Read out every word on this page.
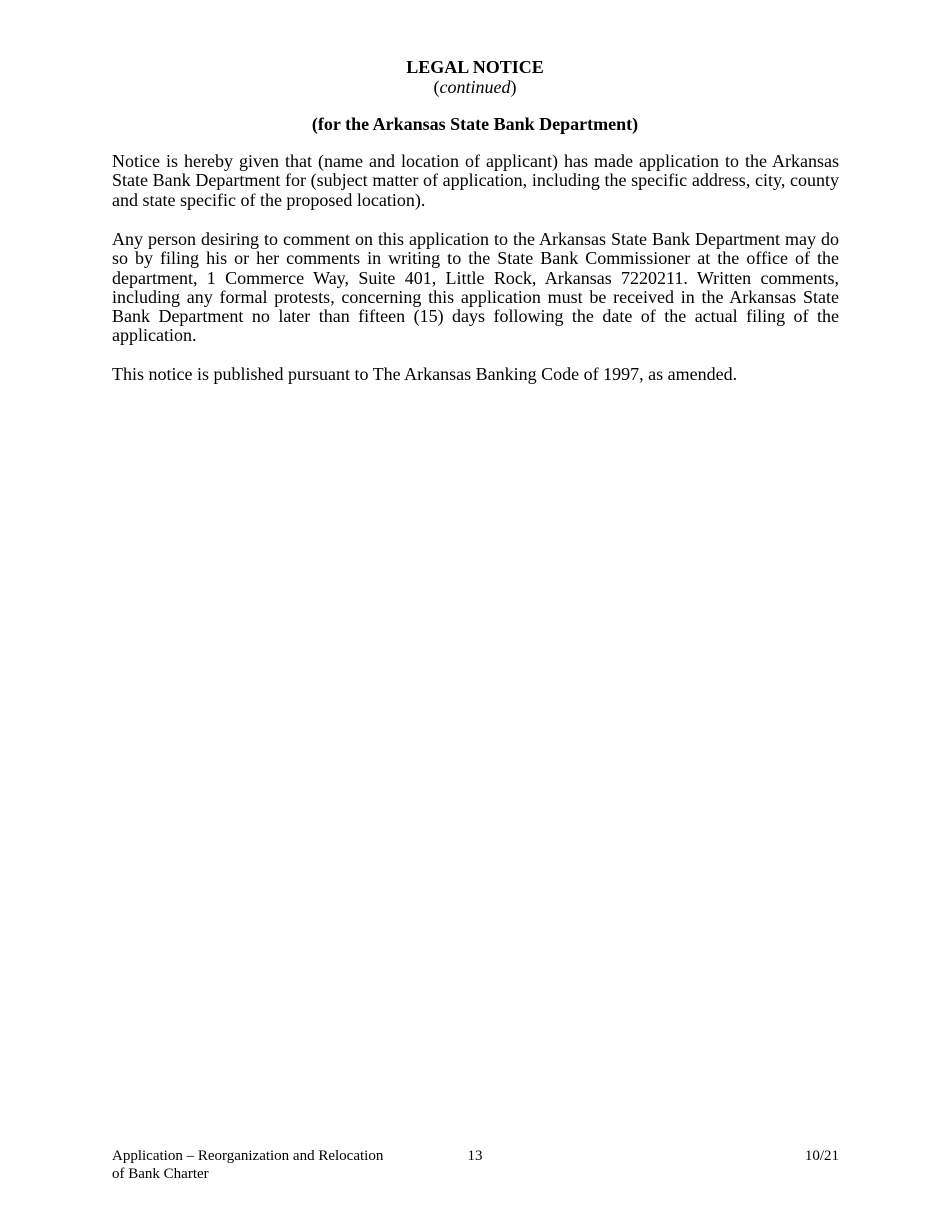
LEGAL NOTICE
(continued)
(for the Arkansas State Bank Department)

Notice is hereby given that (name and location of applicant) has made application to the Arkansas State Bank Department for (subject matter of application, including the specific address, city, county and state specific of the proposed location).

Any person desiring to comment on this application to the Arkansas State Bank Department may do so by filing his or her comments in writing to the State Bank Commissioner at the office of the department, 1 Commerce Way, Suite 401, Little Rock, Arkansas 7220211. Written comments, including any formal protests, concerning this application must be received in the Arkansas State Bank Department no later than fifteen (15) days following the date of the actual filing of the application.

This notice is published pursuant to The Arkansas Banking Code of 1997, as amended.

Application – Reorganization and Relocation
of Bank Charter
13	10/21
